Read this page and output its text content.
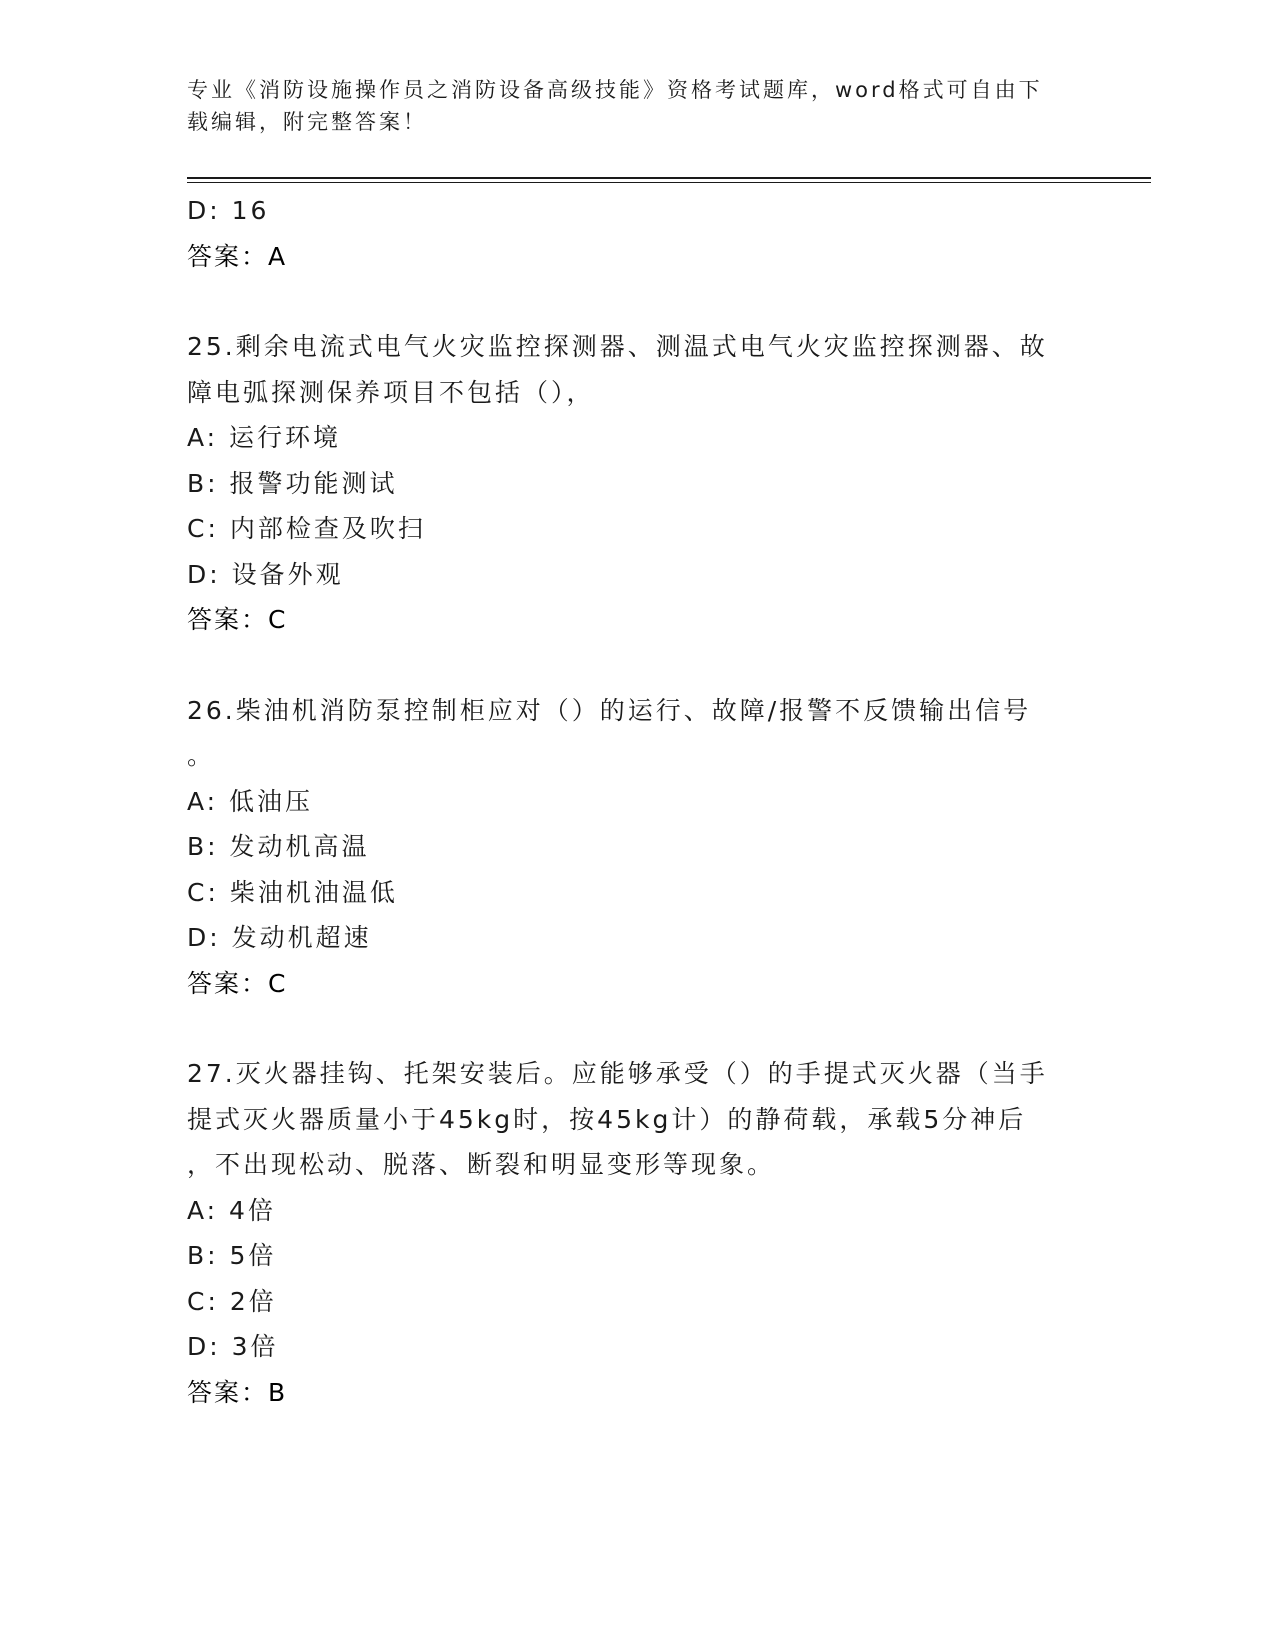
专业《消防设施操作员之消防设备高级技能》资格考试题库，word格式可自由下
载编辑，附完整答案！
D: 16
答案：A
25.剩余电流式电气火灾监控探测器、测温式电气火灾监控探测器、故
障电弧探测保养项目不包括（），
A: 运行环境
B: 报警功能测试
C: 内部检查及吹扫
D: 设备外观
答案：C
26.柴油机消防泵控制柜应对（）的运行、故障/报警不反馈输出信号
。
A: 低油压
B: 发动机高温
C: 柴油机油温低
D: 发动机超速
答案：C
27.灭火器挂钩、托架安装后。应能够承受（）的手提式灭火器（当手
提式灭火器质量小于45kg时，按45kg计）的静荷载，承载5分神后
，不出现松动、脱落、断裂和明显变形等现象。
A: 4倍
B: 5倍
C: 2倍
D: 3倍
答案：B
